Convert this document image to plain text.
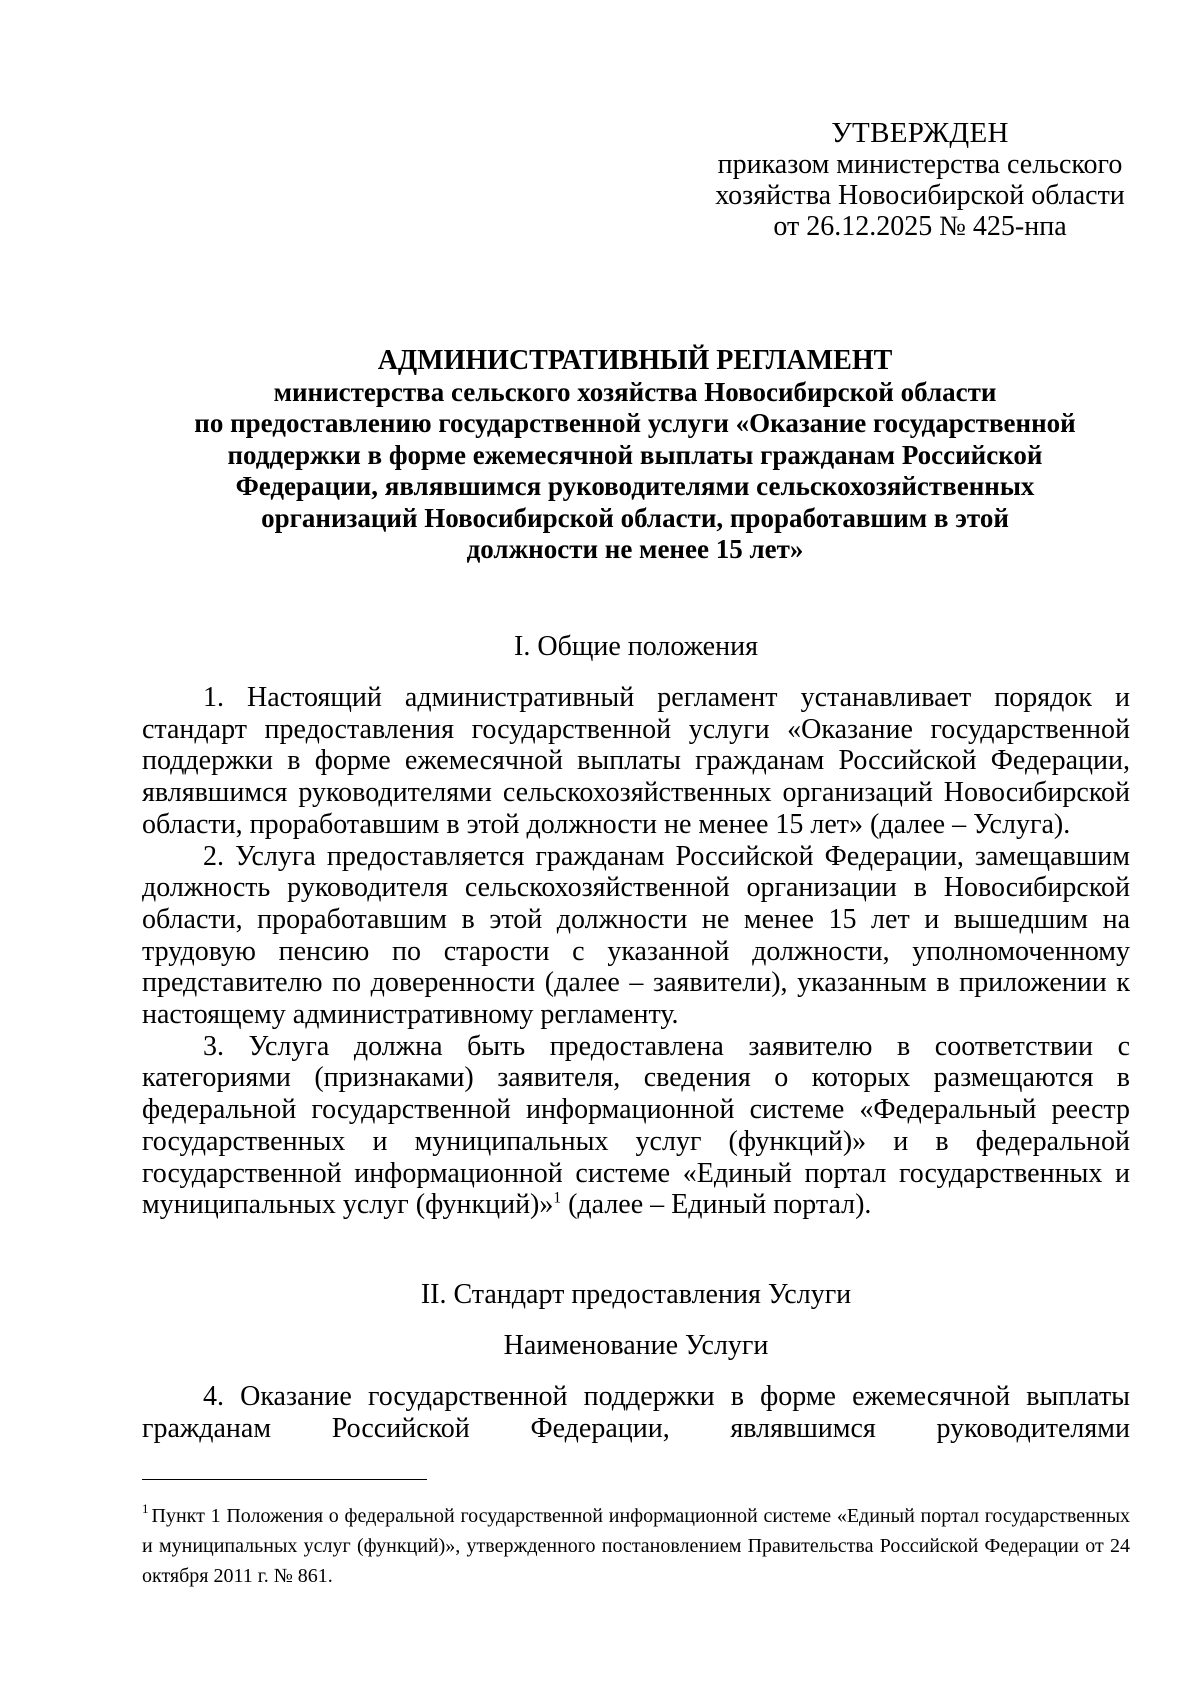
УТВЕРЖДЕН
приказом министерства сельского
хозяйства Новосибирской области
от 26.12.2025 № 425-нпа
АДМИНИСТРАТИВНЫЙ РЕГЛАМЕНТ
министерства сельского хозяйства Новосибирской области
по предоставлению государственной услуги «Оказание государственной
поддержки в форме ежемесячной выплаты гражданам Российской
Федерации, являвшимся руководителями сельскохозяйственных
организаций Новосибирской области, проработавшим в этой
должности не менее 15 лет»
I. Общие положения

1. Настоящий административный регламент устанавливает порядок и стандарт предоставления государственной услуги «Оказание государственной поддержки в форме ежемесячной выплаты гражданам Российской Федерации, являвшимся руководителями сельскохозяйственных организаций Новосибирской области, проработавшим в этой должности не менее 15 лет» (далее – Услуга).

2. Услуга предоставляется гражданам Российской Федерации, замещавшим должность руководителя сельскохозяйственной организации в Новосибирской области, проработавшим в этой должности не менее 15 лет и вышедшим на трудовую пенсию по старости с указанной должности, уполномоченному представителю по доверенности (далее – заявители), указанным в приложении к настоящему административному регламенту.

3. Услуга должна быть предоставлена заявителю в соответствии с категориями (признаками) заявителя, сведения о которых размещаются в федеральной государственной информационной системе «Федеральный реестр государственных и муниципальных услуг (функций)» и в федеральной государственной информационной системе «Единый портал государственных и муниципальных услуг (функций)»$^1$ (далее – Единый портал).

II. Стандарт предоставления Услуги
Наименование Услуги

4. Оказание государственной поддержки в форме ежемесячной выплаты гражданам Российской Федерации, являвшимся руководителями

$^1$ Пункт 1 Положения о федеральной государственной информационной системе «Единый портал государственных и муниципальных услуг (функций)», утвержденного постановлением Правительства Российской Федерации от 24 октября 2011 г. № 861.
